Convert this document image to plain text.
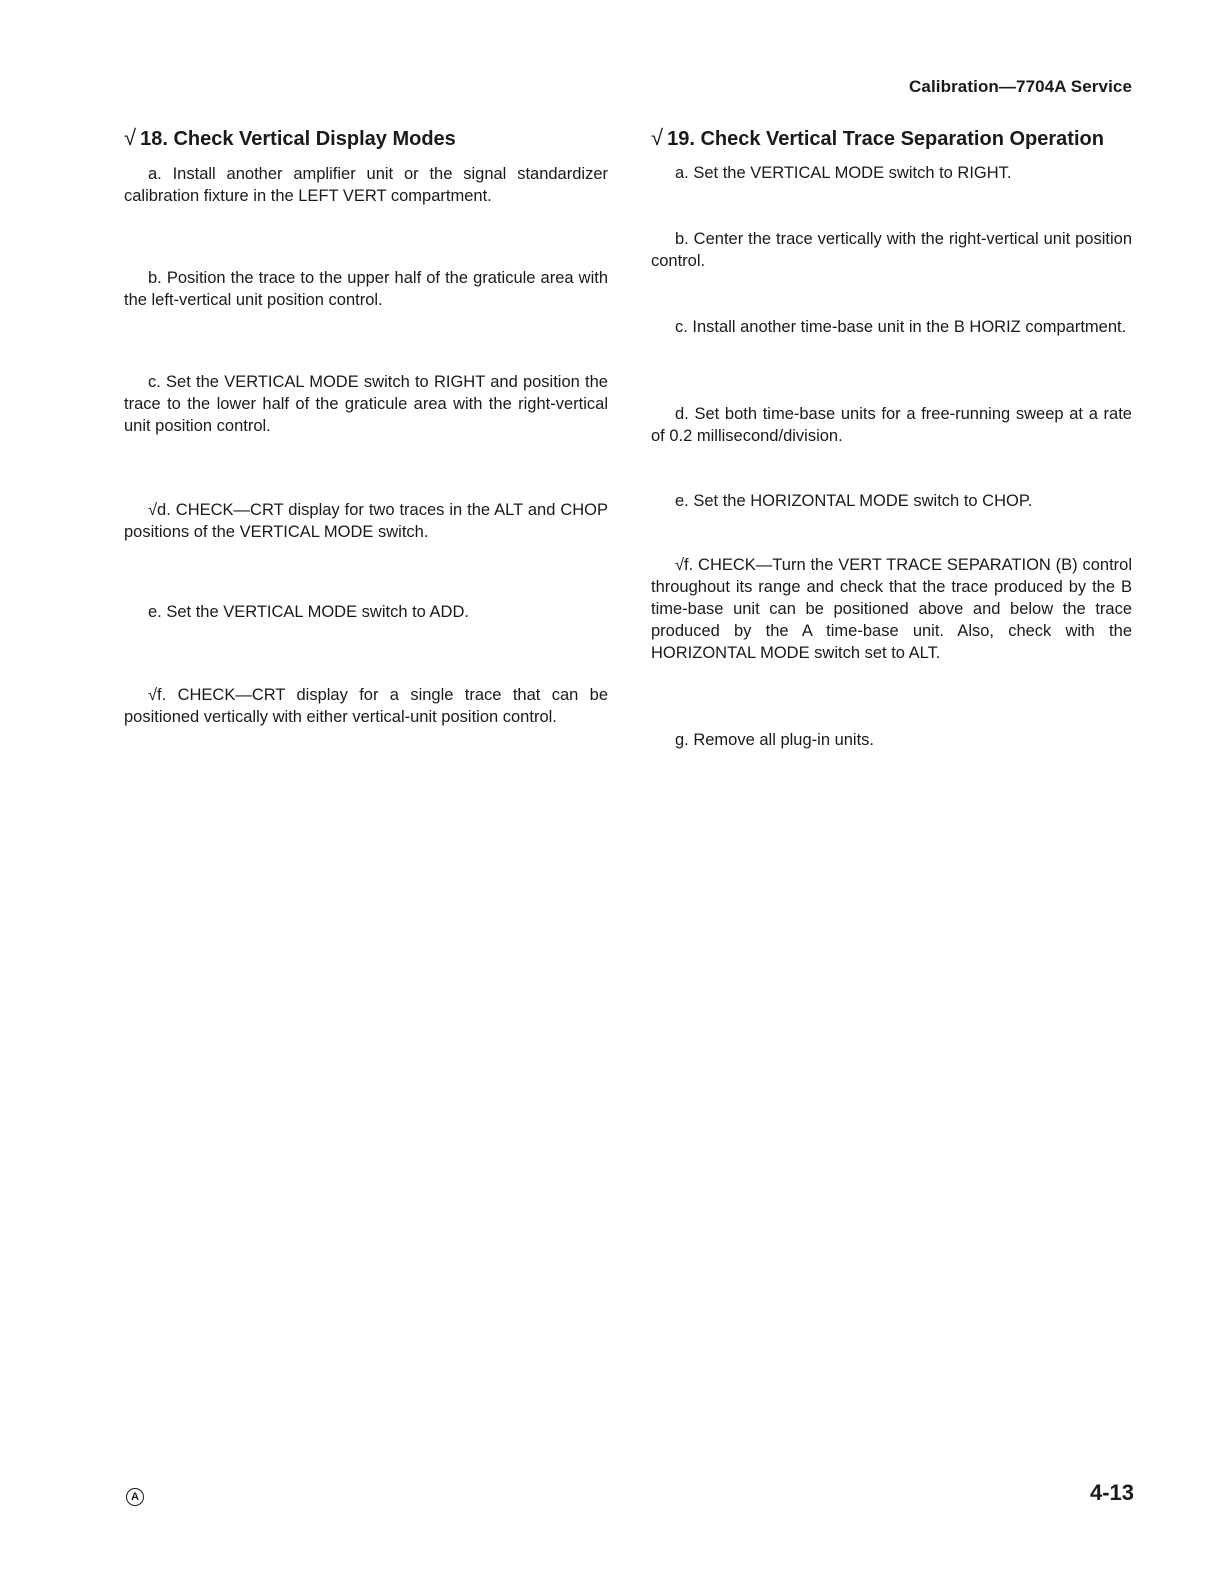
Calibration—7704A Service
√ 18. Check Vertical Display Modes

a. Install another amplifier unit or the signal standardizer calibration fixture in the LEFT VERT compartment.

b. Position the trace to the upper half of the graticule area with the left-vertical unit position control.

c. Set the VERTICAL MODE switch to RIGHT and position the trace to the lower half of the graticule area with the right-vertical unit position control.

√d. CHECK—CRT display for two traces in the ALT and CHOP positions of the VERTICAL MODE switch.

e. Set the VERTICAL MODE switch to ADD.

√f. CHECK—CRT display for a single trace that can be positioned vertically with either vertical-unit position control.

√ 19. Check Vertical Trace Separation Operation

a. Set the VERTICAL MODE switch to RIGHT.

b. Center the trace vertically with the right-vertical unit position control.

c. Install another time-base unit in the B HORIZ compartment.

d. Set both time-base units for a free-running sweep at a rate of 0.2 millisecond/division.

e. Set the HORIZONTAL MODE switch to CHOP.

√f. CHECK—Turn the VERT TRACE SEPARATION (B) control throughout its range and check that the trace produced by the B time-base unit can be positioned above and below the trace produced by the A time-base unit. Also, check with the HORIZONTAL MODE switch set to ALT.

g. Remove all plug-in units.

A	4-13
